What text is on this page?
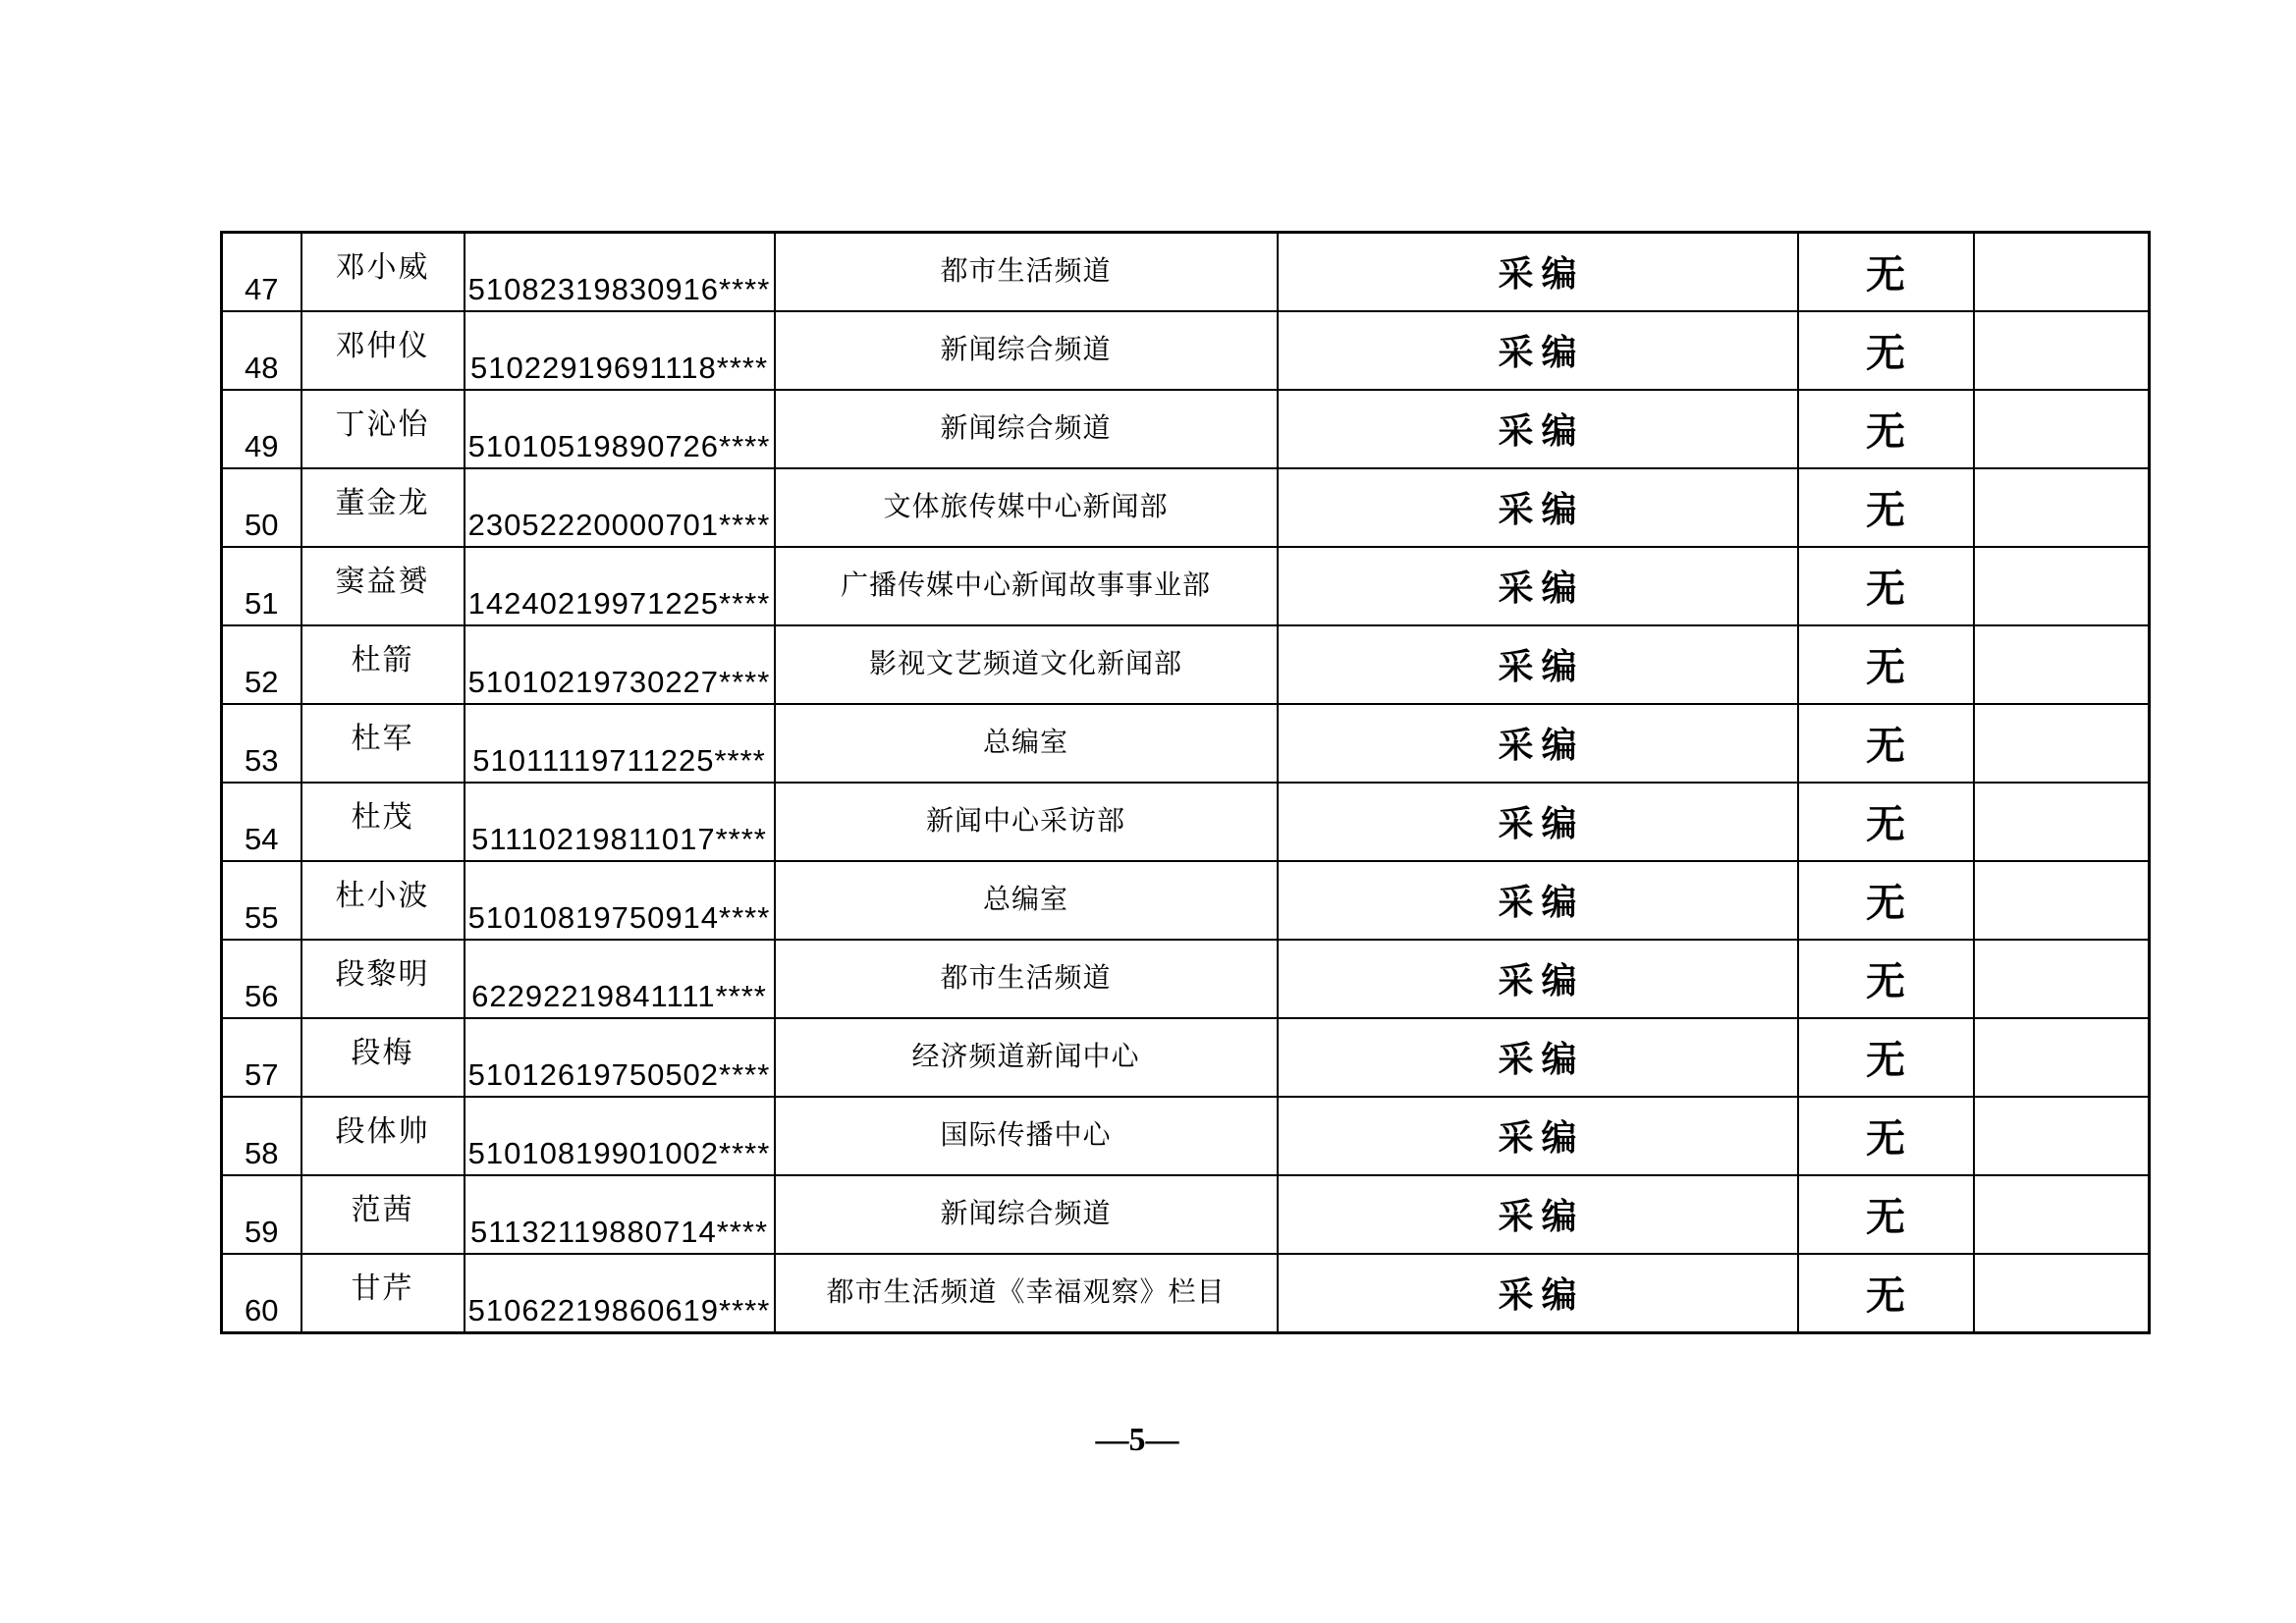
47	邓小威	51082319830916****	都市生活频道	采编	无	
48	邓仲仪	51022919691118****	新闻综合频道	采编	无	
49	丁沁怡	51010519890726****	新闻综合频道	采编	无	
50	董金龙	23052220000701****	文体旅传媒中心新闻部	采编	无	
51	窦益赟	14240219971225****	广播传媒中心新闻故事事业部	采编	无	
52	杜箭	51010219730227****	影视文艺频道文化新闻部	采编	无	
53	杜军	51011119711225****	总编室	采编	无	
54	杜茂	51110219811017****	新闻中心采访部	采编	无	
55	杜小波	51010819750914****	总编室	采编	无	
56	段黎明	62292219841111****	都市生活频道	采编	无	
57	段梅	51012619750502****	经济频道新闻中心	采编	无	
58	段体帅	51010819901002****	国际传播中心	采编	无	
59	范茜	51132119880714****	新闻综合频道	采编	无	
60	甘芹	51062219860619****	都市生活频道《幸福观察》栏目	采编	无	
—5—
